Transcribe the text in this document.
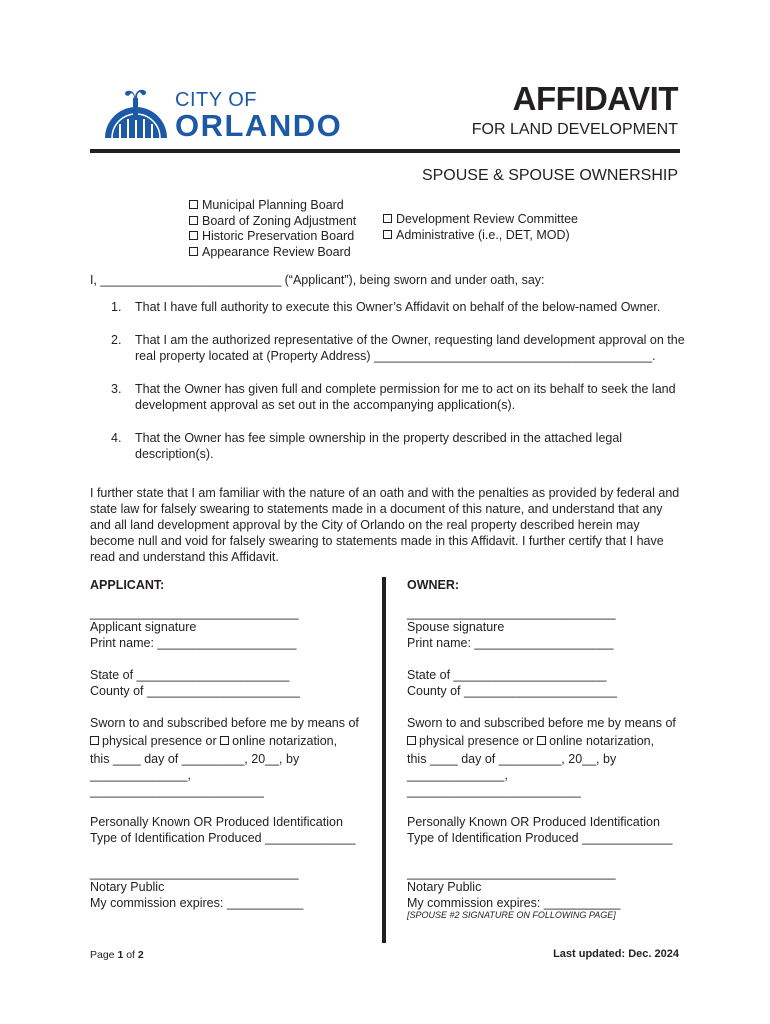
CITY OF
ORLANDO
AFFIDAVIT
FOR LAND DEVELOPMENT
SPOUSE & SPOUSE OWNERSHIP
Municipal Planning Board
Board of Zoning Adjustment
Historic Preservation Board
Appearance Review Board
Development Review Committee
Administrative (i.e., DET, MOD)
I, __________________________ (“Applicant”), being sworn and under oath, say:
1. That I have full authority to execute this Owner’s Affidavit on behalf of the below-named Owner.
2. That I am the authorized representative of the Owner, requesting land development approval on the real property located at (Property Address) ________________________________________.
3. That the Owner has given full and complete permission for me to act on its behalf to seek the land development approval as set out in the accompanying application(s).
4. That the Owner has fee simple ownership in the property described in the attached legal description(s).
I further state that I am familiar with the nature of an oath and with the penalties as provided by federal and state law for falsely swearing to statements made in a document of this nature, and understand that any and all land development approval by the City of Orlando on the real property described herein may become null and void for falsely swearing to statements made in this Affidavit. I further certify that I have read and understand this Affidavit.
APPLICANT:
______________________________
Applicant signature
Print name: ____________________
State of ______________________
County of ______________________
Sworn to and subscribed before me by means of
physical presence or online notarization,
this ____ day of _________, 20__, by
______________,
_________________________
Personally Known OR Produced Identification
Type of Identification Produced _____________
______________________________
Notary Public
My commission expires: ___________
OWNER:
______________________________
Spouse signature
Print name: ____________________
State of ______________________
County of ______________________
Sworn to and subscribed before me by means of
physical presence or online notarization,
this ____ day of _________, 20__, by
______________,
_________________________
Personally Known OR Produced Identification
Type of Identification Produced _____________
______________________________
Notary Public
My commission expires: ___________
[SPOUSE #2 SIGNATURE ON FOLLOWING PAGE]
Page 1 of 2	Last updated: Dec. 2024
